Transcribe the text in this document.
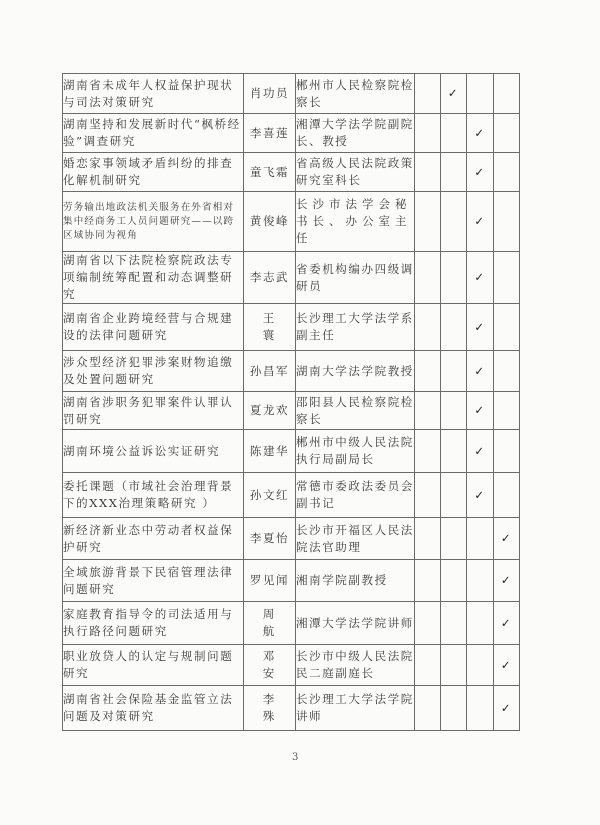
湖南省未成年人权益保护现状与司法对策研究	肖功员	郴州市人民检察院检察长		✓		
湖南坚持和发展新时代“枫桥经验”调查研究	李喜莲	湘潭大学法学院副院长、教授			✓	
婚恋家事领域矛盾纠纷的排查化解机制研究	童飞霜	省高级人民法院政策研究室科长			✓	
劳务输出地政法机关服务在外省相对集中经商务工人员问题研究——以跨区域协同为视角	黄俊峰	长沙市法学会秘书长、办公室主任			✓	
湖南省以下法院检察院政法专项编制统筹配置和动态调整研究	李志武	省委机构编办四级调研员			✓	
湖南省企业跨境经营与合规建设的法律问题研究	王 寰	长沙理工大学法学系副主任			✓	
涉众型经济犯罪涉案财物追缴及处置问题研究	孙昌军	湖南大学法学院教授			✓	
湖南省涉职务犯罪案件认罪认罚研究	夏龙欢	邵阳县人民检察院检察长			✓	
湖南环境公益诉讼实证研究	陈建华	郴州市中级人民法院执行局副局长			✓	
委托课题（市域社会治理背景下的XXX治理策略研究 ）	孙文红	常德市委政法委员会副书记			✓	
新经济新业态中劳动者权益保护研究	李夏怡	长沙市开福区人民法院法官助理				✓
全域旅游背景下民宿管理法律问题研究	罗见闻	湘南学院副教授				✓
家庭教育指导令的司法适用与执行路径问题研究	周 航	湘潭大学法学院讲师				✓
职业放贷人的认定与规制问题研究	邓 安	长沙市中级人民法院民二庭副庭长				✓
湖南省社会保险基金监管立法问题及对策研究	李 殊	长沙理工大学法学院讲师				✓
3
